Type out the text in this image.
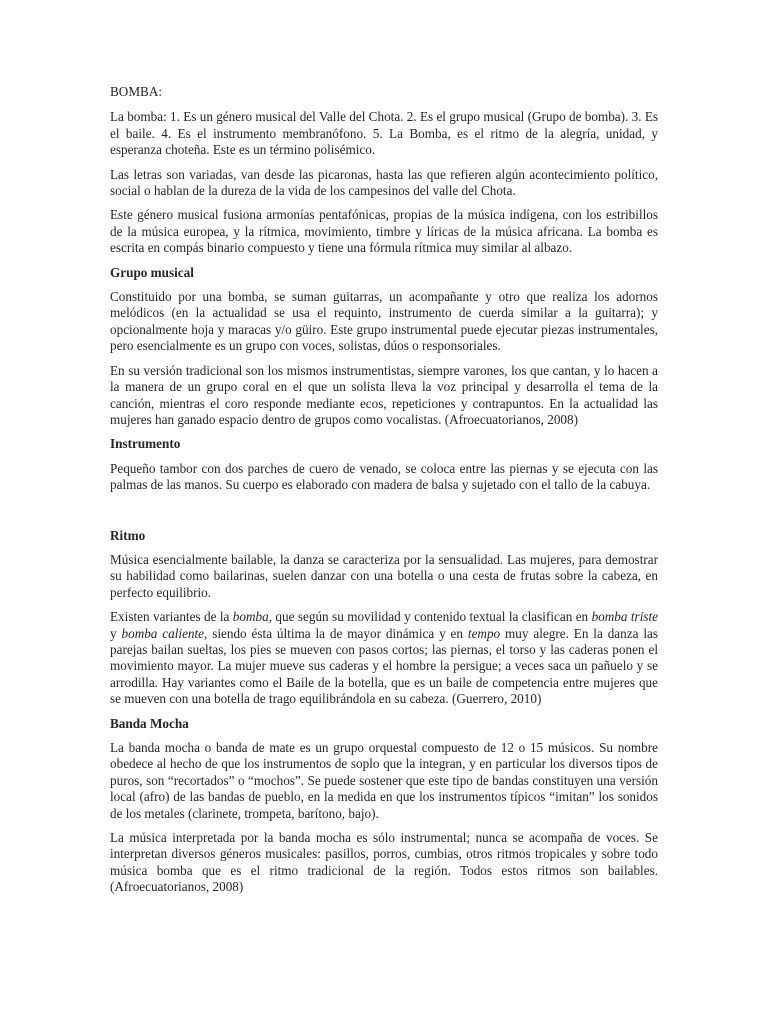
BOMBA:

La bomba: 1. Es un género musical del Valle del Chota. 2. Es el grupo musical (Grupo de bomba). 3. Es el baile. 4. Es el instrumento membranófono. 5. La Bomba, es el ritmo de la alegría, unidad, y esperanza choteña. Este es un término polisémico.

Las letras son variadas, van desde las picaronas, hasta las que refieren algún acontecimiento político, social o hablan de la dureza de la vida de los campesinos del valle del Chota.

Este género musical fusiona armonías pentafónicas, propias de la música indígena, con los estribillos de la música europea, y la rítmica, movimiento, timbre y líricas de la música africana. La bomba es escrita en compás binario compuesto y tiene una fórmula rítmica muy similar al albazo.

Grupo musical

Constituido por una bomba, se suman guitarras, un acompañante y otro que realiza los adornos melódicos (en la actualidad se usa el requinto, instrumento de cuerda similar a la guitarra); y opcionalmente hoja y maracas y/o güiro. Este grupo instrumental puede ejecutar piezas instrumentales, pero esencialmente es un grupo con voces, solistas, dúos o responsoriales.

En su versión tradicional son los mismos instrumentistas, siempre varones, los que cantan, y lo hacen a la manera de un grupo coral en el que un solista lleva la voz principal y desarrolla el tema de la canción, mientras el coro responde mediante ecos, repeticiones y contrapuntos. En la actualidad las mujeres han ganado espacio dentro de grupos como vocalistas. (Afroecuatorianos, 2008)

Instrumento

Pequeño tambor con dos parches de cuero de venado, se coloca entre las piernas y se ejecuta con las palmas de las manos. Su cuerpo es elaborado con madera de balsa y sujetado con el tallo de la cabuya.

Ritmo

Música esencialmente bailable, la danza se caracteriza por la sensualidad. Las mujeres, para demostrar su habilidad como bailarinas, suelen danzar con una botella o una cesta de frutas sobre la cabeza, en perfecto equilibrio.

Existen variantes de la bomba, que según su movilidad y contenido textual la clasifican en bomba triste y bomba caliente, siendo ésta última la de mayor dinámica y en tempo muy alegre. En la danza las parejas bailan sueltas, los pies se mueven con pasos cortos; las piernas, el torso y las caderas ponen el movimiento mayor. La mujer mueve sus caderas y el hombre la persigue; a veces saca un pañuelo y se arrodilla. Hay variantes como el Baile de la botella, que es un baile de competencia entre mujeres que se mueven con una botella de trago equilibrándola en su cabeza. (Guerrero, 2010)

Banda Mocha

La banda mocha o banda de mate es un grupo orquestal compuesto de 12 o 15 músicos. Su nombre obedece al hecho de que los instrumentos de soplo que la integran, y en particular los diversos tipos de puros, son “recortados” o “mochos”. Se puede sostener que este tipo de bandas constituyen una versión local (afro) de las bandas de pueblo, en la medida en que los instrumentos típicos “imitan” los sonidos de los metales (clarinete, trompeta, barítono, bajo).

La música interpretada por la banda mocha es sólo instrumental; nunca se acompaña de voces. Se interpretan diversos géneros musicales: pasillos, porros, cumbias, otros ritmos tropicales y sobre todo música bomba que es el ritmo tradicional de la región. Todos estos ritmos son bailables. (Afroecuatorianos, 2008)
